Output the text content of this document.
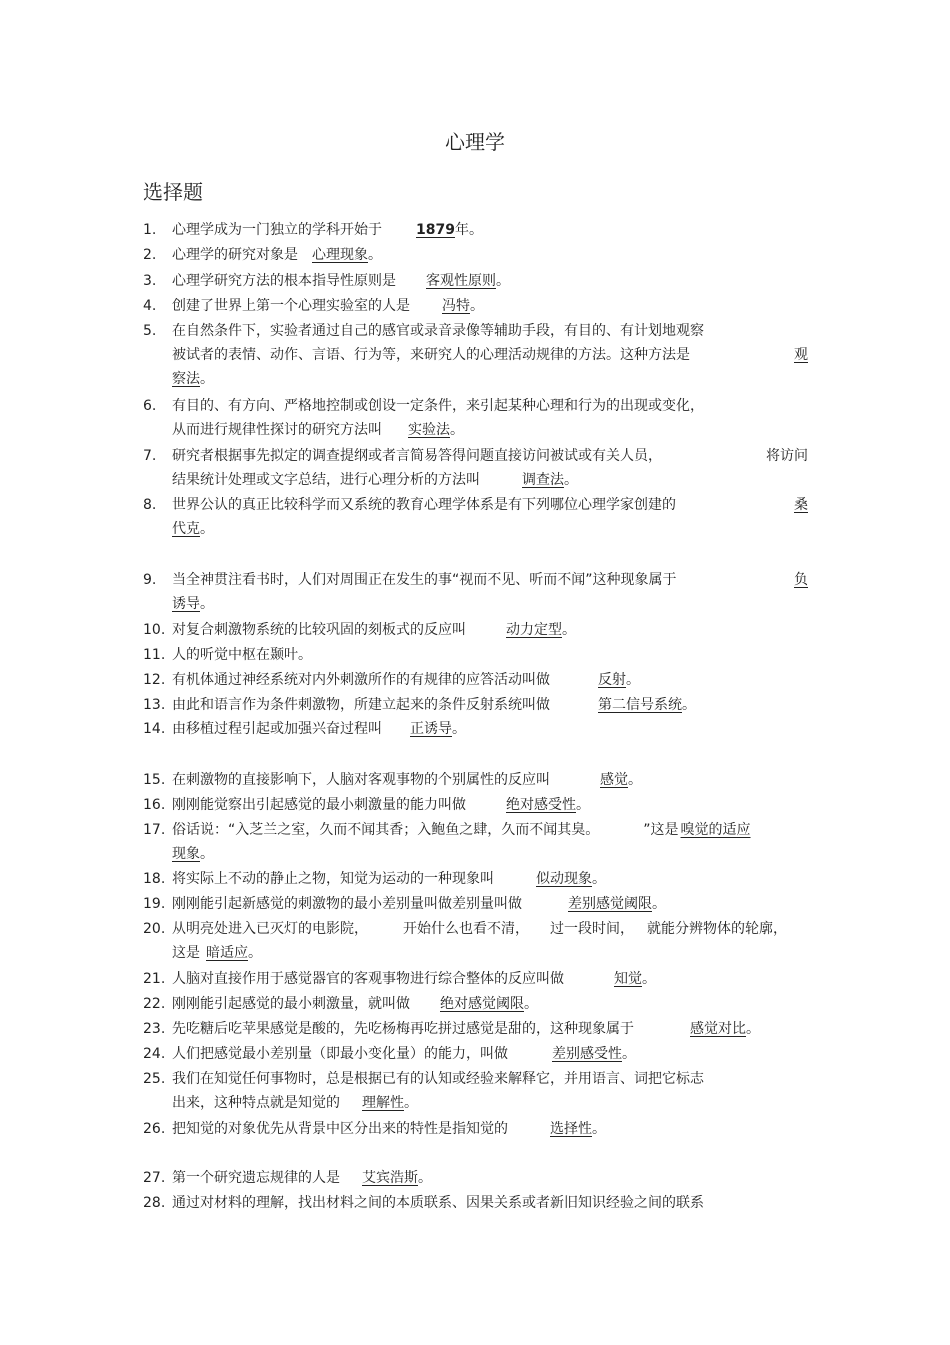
心理学
选择题
1.	心理学成为一门独立的学科开始于 1879年。
2.	心理学的研究对象是 心理现象。
3.	心理学研究方法的根本指导性原则是 客观性原则。
4.	创建了世界上第一个心理实验室的人是 冯特。
5.	在自然条件下，实验者通过自己的感官或录音录像等辅助手段，有目的、有计划地观察
被试者的表情、动作、言语、行为等，来研究人的心理活动规律的方法。这种方法是	观
察法。
6.	有目的、有方向、严格地控制或创设一定条件，来引起某种心理和行为的出现或变化，
从而进行规律性探讨的研究方法叫 实验法。
7.	研究者根据事先拟定的调查提纲或者言简易答得问题直接访问被试或有关人员，	将访问
结果统计处理或文字总结，进行心理分析的方法叫	调查法。
8.	世界公认的真正比较科学而又系统的教育心理学体系是有下列哪位心理学家创建的	桑
代克。
9.	当全神贯注看书时，人们对周围正在发生的事“视而不见、听而不闻”这种现象属于	负
诱导。
10. 对复合刺激物系统的比较巩固的刻板式的反应叫	动力定型。
11. 人的听觉中枢在颞叶。
12. 有机体通过神经系统对内外刺激所作的有规律的应答活动叫做	反射。
13. 由此和语言作为条件刺激物，所建立起来的条件反射系统叫做	第二信号系统。
14. 由移植过程引起或加强兴奋过程叫 正诱导。
15. 在刺激物的直接影响下，人脑对客观事物的个别属性的反应叫	感觉。
16. 刚刚能觉察出引起感觉的最小刺激量的能力叫做	绝对感受性。
17. 俗话说：“入芝兰之室，久而不闻其香；入鲍鱼之肆，久而不闻其臭。	”这是 嗅觉的适应
现象。
18. 将实际上不动的静止之物，知觉为运动的一种现象叫	似动现象。
19. 刚刚能引起新感觉的刺激物的最小差别量叫做差别量叫做	差别感觉阈限。
20. 从明亮处进入已灭灯的电影院，	开始什么也看不清， 过一段时间， 就能分辨物体的轮廓，
这是 暗适应。
21. 人脑对直接作用于感觉器官的客观事物进行综合整体的反应叫做	知觉。
22. 刚刚能引起感觉的最小刺激量，就叫做 绝对感觉阈限。
23. 先吃糖后吃苹果感觉是酸的，先吃杨梅再吃拼过感觉是甜的，这种现象属于	感觉对比。
24. 人们把感觉最小差别量（即最小变化量）的能力，叫做	差别感受性。
25. 我们在知觉任何事物时，总是根据已有的认知或经验来解释它，并用语言、词把它标志
出来，这种特点就是知觉的 理解性。
26. 把知觉的对象优先从背景中区分出来的特性是指知觉的	选择性。
27. 第一个研究遗忘规律的人是 艾宾浩斯。
28. 通过对材料的理解，找出材料之间的本质联系、因果关系或者新旧知识经验之间的联系
